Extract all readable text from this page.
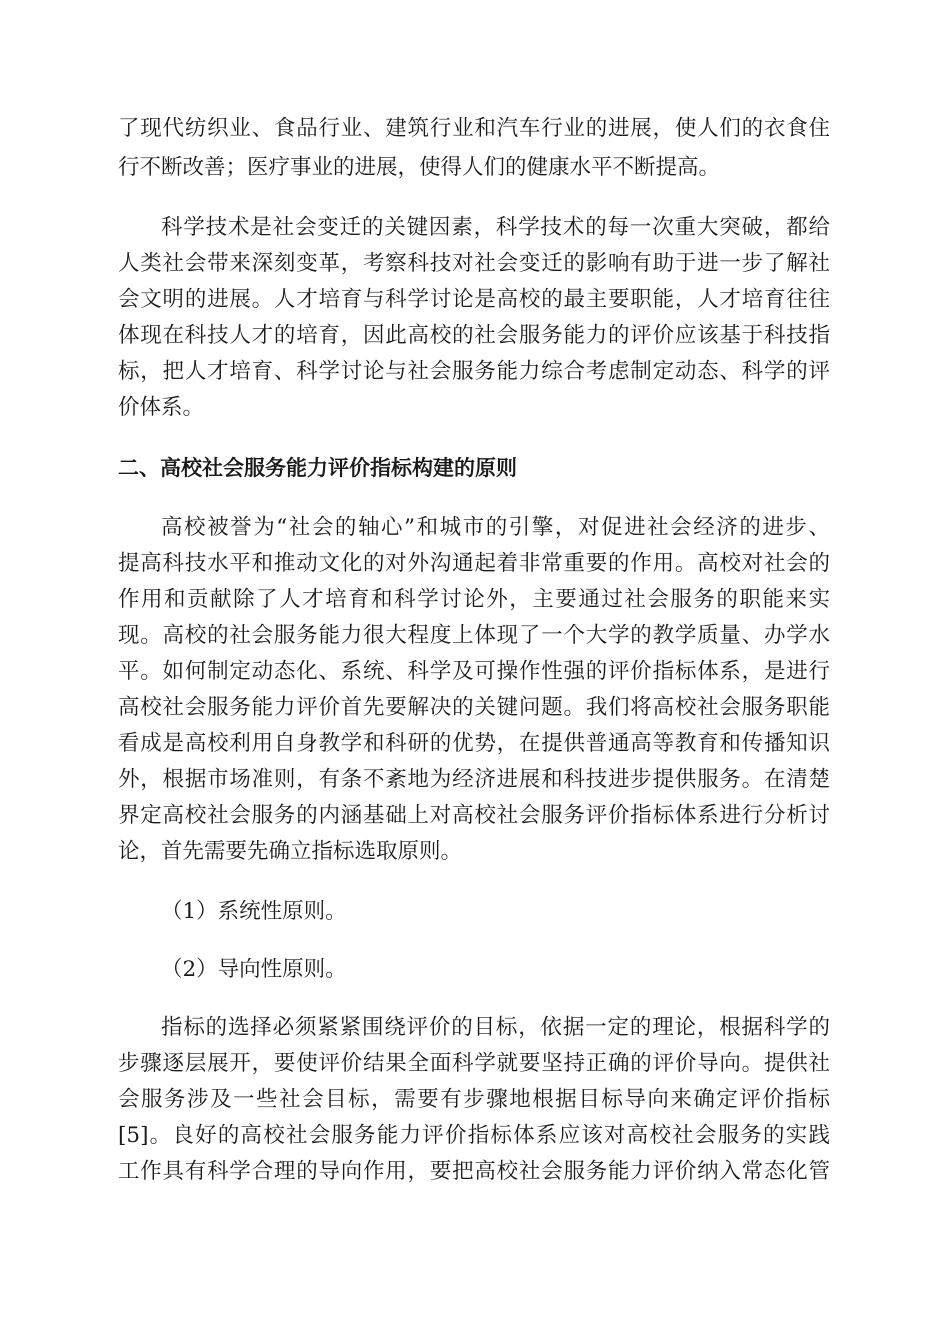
了现代纺织业、食品行业、建筑行业和汽车行业的进展，使人们的衣食住
行不断改善；医疗事业的进展，使得人们的健康水平不断提高。
科学技术是社会变迁的关键因素，科学技术的每一次重大突破，都给
人类社会带来深刻变革，考察科技对社会变迁的影响有助于进一步了解社
会文明的进展。人才培育与科学讨论是高校的最主要职能，人才培育往往
体现在科技人才的培育，因此高校的社会服务能力的评价应该基于科技指
标，把人才培育、科学讨论与社会服务能力综合考虑制定动态、科学的评
价体系。
二、高校社会服务能力评价指标构建的原则
高校被誉为“社会的轴心”和城市的引擎，对促进社会经济的进步、
提高科技水平和推动文化的对外沟通起着非常重要的作用。高校对社会的
作用和贡献除了人才培育和科学讨论外，主要通过社会服务的职能来实
现。高校的社会服务能力很大程度上体现了一个大学的教学质量、办学水
平。如何制定动态化、系统、科学及可操作性强的评价指标体系，是进行
高校社会服务能力评价首先要解决的关键问题。我们将高校社会服务职能
看成是高校利用自身教学和科研的优势，在提供普通高等教育和传播知识
外，根据市场准则，有条不紊地为经济进展和科技进步提供服务。在清楚
界定高校社会服务的内涵基础上对高校社会服务评价指标体系进行分析讨
论，首先需要先确立指标选取原则。
（1）系统性原则。
（2）导向性原则。
指标的选择必须紧紧围绕评价的目标，依据一定的理论，根据科学的
步骤逐层展开，要使评价结果全面科学就要坚持正确的评价导向。提供社
会服务涉及一些社会目标，需要有步骤地根据目标导向来确定评价指标
[5]。良好的高校社会服务能力评价指标体系应该对高校社会服务的实践
工作具有科学合理的导向作用，要把高校社会服务能力评价纳入常态化管
